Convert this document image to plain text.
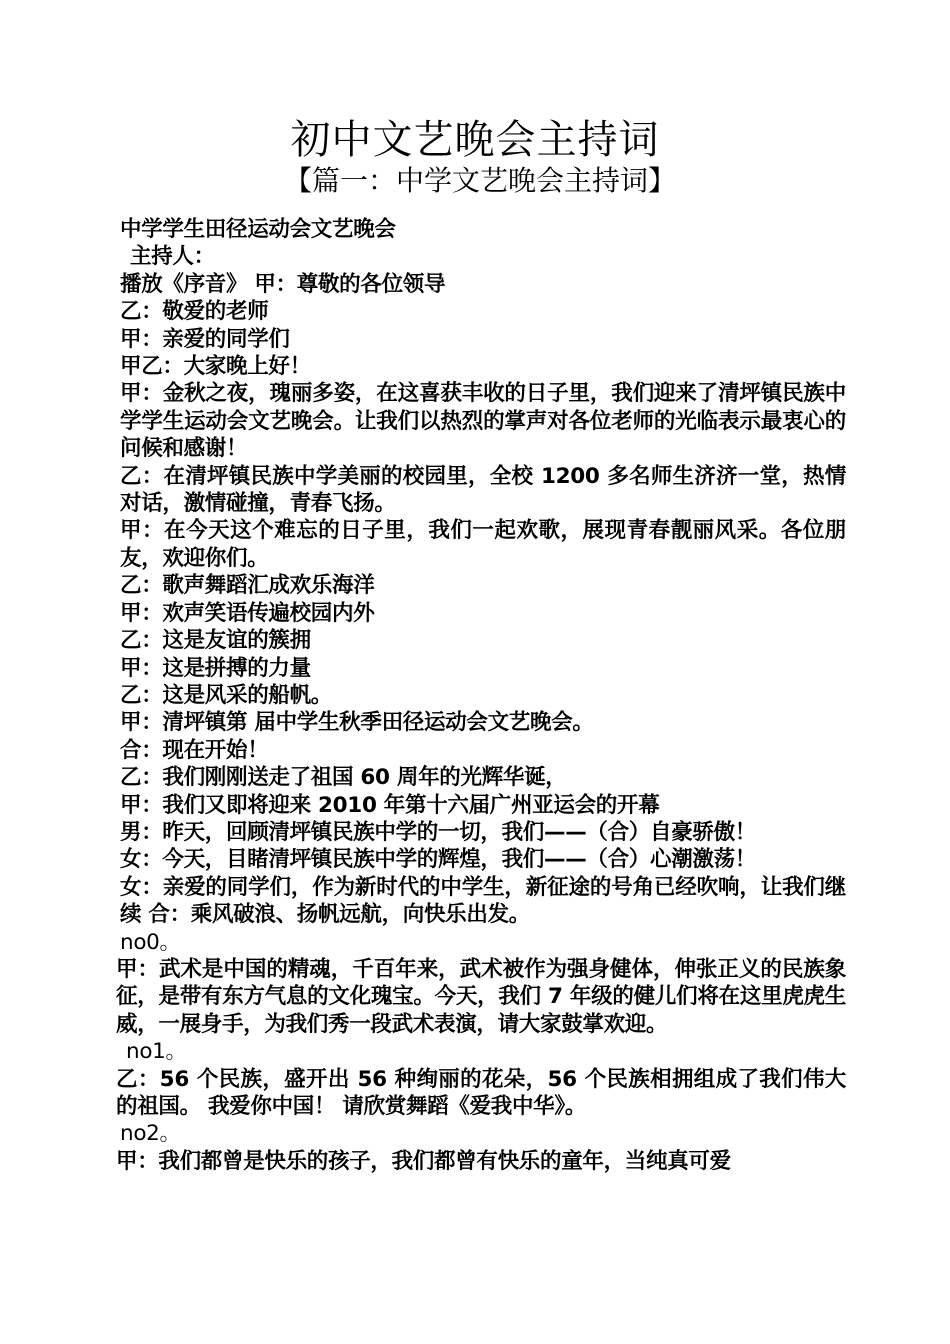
初中文艺晚会主持词
【篇一：中学文艺晚会主持词】

中学学生田径运动会文艺晚会

主持人：

播放《序音》 甲：尊敬的各位领导

乙：敬爱的老师

甲：亲爱的同学们

甲乙：大家晚上好！

甲：金秋之夜，瑰丽多姿，在这喜获丰收的日子里，我们迎来了清坪镇民族中学学生运动会文艺晚会。让我们以热烈的掌声对各位老师的光临表示最衷心的问候和感谢！

乙：在清坪镇民族中学美丽的校园里，全校 1200 多名师生济济一堂，热情对话，激情碰撞，青春飞扬。

甲：在今天这个难忘的日子里，我们一起欢歌，展现青春靓丽风采。各位朋友，欢迎你们。

乙：歌声舞蹈汇成欢乐海洋

甲：欢声笑语传遍校园内外

乙：这是友谊的簇拥

甲：这是拼搏的力量

乙：这是风采的船帆。

甲：清坪镇第 届中学生秋季田径运动会文艺晚会。

合：现在开始！

乙：我们刚刚送走了祖国 60 周年的光辉华诞，

甲：我们又即将迎来 2010 年第十六届广州亚运会的开幕

男：昨天，回顾清坪镇民族中学的一切，我们——（合）自豪骄傲！

女：今天，目睹清坪镇民族中学的辉煌，我们——（合）心潮激荡！

女：亲爱的同学们，作为新时代的中学生，新征途的号角已经吹响，让我们继续 合：乘风破浪、扬帆远航，向快乐出发。

no0。

甲：武术是中国的精魂，千百年来，武术被作为强身健体，伸张正义的民族象征，是带有东方气息的文化瑰宝。今天，我们 7 年级的健儿们将在这里虎虎生威，一展身手，为我们秀一段武术表演，请大家鼓掌欢迎。

no1。

乙：56 个民族，盛开出 56 种绚丽的花朵，56 个民族相拥组成了我们伟大的祖国。 我爱你中国！ 请欣赏舞蹈《爱我中华》。

no2。

甲：我们都曾是快乐的孩子，我们都曾有快乐的童年，当纯真可爱
